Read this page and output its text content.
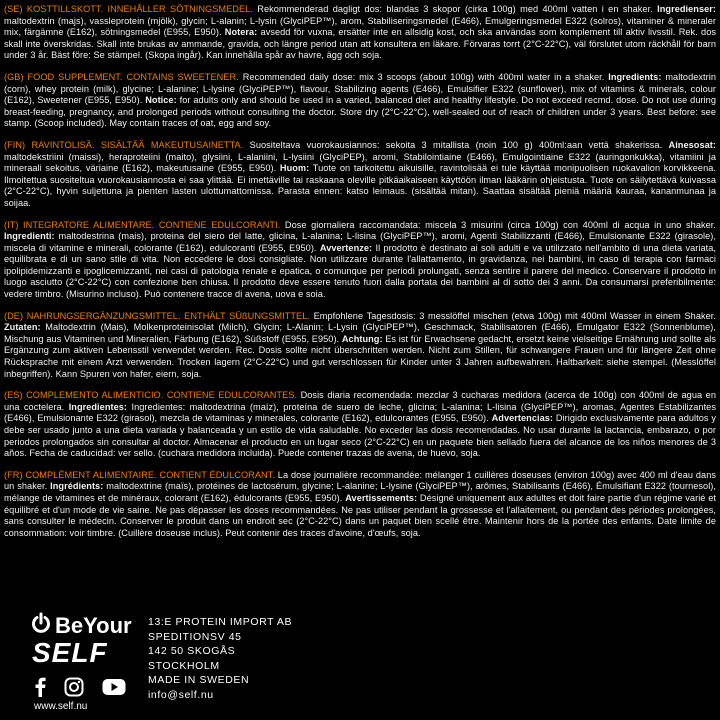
(SE) KOSTTILLSKOTT. INNEHÅLLER SÖTNINGSMEDEL. Rekommenderad dagligt dos: blandas 3 skopor (cirka 100g) med 400ml vatten i en shaker. Ingredienser: maltodextrin (majs), vassleprotein (mjölk), glycin; L-alanin; L-lysin (GlyciPEP™), arom, Stabiliseringsmedel (E466), Emulgeringsmedel E322 (solros), vitaminer & mineraler mix, färgämne (E162), sötningsmedel (E955, E950). Notera: avsedd för vuxna, ersätter inte en allsidig kost, och ska användas som komplement till aktiv livsstil. Rek. dos skall inte överskridas. Skall inte brukas av ammande, gravida, och längre period utan att konsultera en läkare. Förvaras torrt (2°C-22°C), väl förslutet utom räckhåll för barn under 3 år. Bäst före: Se stämpel. (Skopa ingår). Kan innehålla spår av havre, ägg och soja.

(GB) FOOD SUPPLEMENT. CONTAINS SWEETENER. Recommended daily dose: mix 3 scoops (about 100g) with 400ml water in a shaker. Ingredients: maltodextrin (corn), whey protein (milk), glycine; L-alanine; L-lysine (GlyciPEP™), flavour, Stabilizing agents (E466), Emulsifier E322 (sunflower), mix of vitamins & minerals, colour (E162), Sweetener (E955, E950). Notice: for adults only and should be used in a varied, balanced diet and healthy lifestyle. Do not exceed recmd. dose. Do not use during breast-feeding, pregnancy, and prolonged periods without consulting the doctor. Store dry (2°C-22°C), well-sealed out of reach of children under 3 years. Best before: see stamp. (Scoop included). May contain traces of oat, egg and soy.

(FIN) RAVINTOLISÄ. SISÄLTÄÄ MAKEUTUSAINETTA. Suositeltava vuorokausiannos: sekoita 3 mitallista (noin 100 g) 400ml:aan vettä shakerissa. Ainesosat: maltodekstriini (maissi), heraproteiini (maito), glysiini, L-alaniini, L-lysiini (GlyciPEP), aromi, Stabilointiaine (E466), Emulgointiaine E322 (auringonkukka), vitamiini ja mineraali sekoitus, väriaine (E162), makeutusaine (E955, E950). Huom: Tuote on tarkoitettu aikuisille, ravintolisää ei tule käyttää monipuolisen ruokavalion korvikkeena. Ilmoitettua suositeltua vuorokausiannosta ei saa ylittää. Ei imettäville tai raskaana oleville pitkäaikaiseen käyttöön ilman lääkärin ohjeistusta. Tuote on säilytettävä kuivassa (2°C-22°C), hyvin suljettuna ja pienten lasten ulottumattomissa. Parasta ennen: katso leimaus. (sisältää mitan). Saattaa sisältää pieniä määriä kauraa, kananmunaa ja soijaa.

(IT) INTEGRATORE ALIMENTARE. CONTIENE EDULCORANTI. Dose giornaliera raccomandata: miscela 3 misurini (circa 100g) con 400ml di acqua in uno shaker. Ingredienti: maltodestrina (mais), proteina del siero del latte, glicina, L-alanina; L-lisina (GlyciPEP™), aromi, Agenti Stabilizzanti (E466), Emulsionante E322 (girasole), miscela di vitamine e minerali, colorante (E162), edulcoranti (E955, E950). Avvertenze: Il prodotto è destinato ai soli adulti e va utilizzato nell'ambito di una dieta variata, equilibrata e di un sano stile di vita. Non eccedere le dosi consigliate. Non utilizzare durante l'allattamento, in gravidanza, nei bambini, in caso di terapia con farmaci ipolipidemizzanti e ipoglicemizzanti, nei casi di patologia renale e epatica, o comunque per periodi prolungati, senza sentire il parere del medico. Conservare il prodotto in luogo asciutto (2°C-22°C) con confezione ben chiusa. Il prodotto deve essere tenuto fuori dalla portata dei bambini al di sotto dei 3 anni. Da consumarsi preferibilmente: vedere timbro. (Misurino incluso). Può contenere tracce di avena, uova e soia.

(DE) NAHRUNGSERGÄNZUNGSMITTEL. ENTHÄLT SÜßUNGSMITTEL. Empfohlene Tagesdosis: 3 messlöffel mischen (etwa 100g) mit 400ml Wasser in einem Shaker. Zutaten: Maltodextrin (Mais), Molkenproteinisolat (Milch), Glycin; L-Alanin; L-Lysin (GlyciPEP™), Geschmack, Stabilisatoren (E466), Emulgator E322 (Sonnenblume), Mischung aus Vitaminen und Mineralien, Färbung (E162), Süßstoff (E955, E950). Achtung: Es ist für Erwachsene gedacht, ersetzt keine vielseitige Ernährung und sollte als Ergänzung zum aktiven Lebensstil verwendet werden. Rec. Dosis sollte nicht überschritten werden. Nicht zum Stillen, für schwangere Frauen und für längere Zeit ohne Rücksprache mit einem Arzt verwenden. Trocken lagern (2°C-22°C) und gut verschlossen für Kinder unter 3 Jahren aufbewahren. Haltbarkeit: siehe stempel. (Messlöffel inbegriffen). Kann Spuren von hafer, eiern, soja.

(ES) COMPLEMENTO ALIMENTICIO. CONTIENE EDULCORANTES. Dosis diaria recomendada: mezclar 3 cucharas medidora (acerca de 100g) con 400ml de agua en una coctelera. Ingredientes: Ingredientes: maltodextrina (maíz), proteína de suero de leche, glicina; L-alanina; L-lisina (GlyciPEP™), aromas, Agentes Estabilizantes (E466), Emulsionante E322 (girasol), mezcla de vitaminas y minerales, colorante (E162), edulcorantes (E955, E950). Advertencias: Dirigido exclusivamente para adultos y debe ser usado junto a una dieta variada y balanceada y un estilo de vida saludable. No exceder las dosis recomendadas. No usar durante la lactancia, embarazo, o por periodos prolongados sin consultar al doctor. Almacenar el producto en un lugar seco (2°C-22°C) en un paquete bien sellado fuera del alcance de los niños menores de 3 años. Fecha de caducidad: ver sello. (cuchara medidora incluida). Puede contener trazas de avena, de huevo, soja.

(FR) COMPLÉMENT ALIMENTAIRE. CONTIENT ÉDULCORANT. La dose journalière recommandée: mélanger 1 cuillères doseuses (environ 100g) avec 400 ml d'eau dans un shaker. Ingrédients: maltodextrine (maïs), protéines de lactosérum, glycine; L-alanine; L-lysine (GlyciPEP™), arômes, Stabilisants (E466), Émulsifiant E322 (tournesol), mélange de vitamines et de minéraux, colorant (E162), édulcorants (E955, E950). Avertissements: Désigné uniquement aux adultes et doit faire partie d'un régime varié et équilibré et d'un mode de vie saine. Ne pas dépasser les doses recommandées. Ne pas utiliser pendant la grossesse et l'allaitement, ou pendant des périodes prolongées, sans consulter le médecin. Conserver le produit dans un endroit sec (2°C-22°C) dans un paquet bien scellé être. Maintenir hors de la portée des enfants. Date limite de consommation: voir timbre. (Cuillère doseuse inclus). Peut contenir des traces d'avoine, d'œufs, soja.

BeYour
SELF
www.self.nu
13:E PROTEIN IMPORT AB
SPEDITIONSV 45
142 50 SKOGÅS
STOCKHOLM
MADE IN SWEDEN
info@self.nu
